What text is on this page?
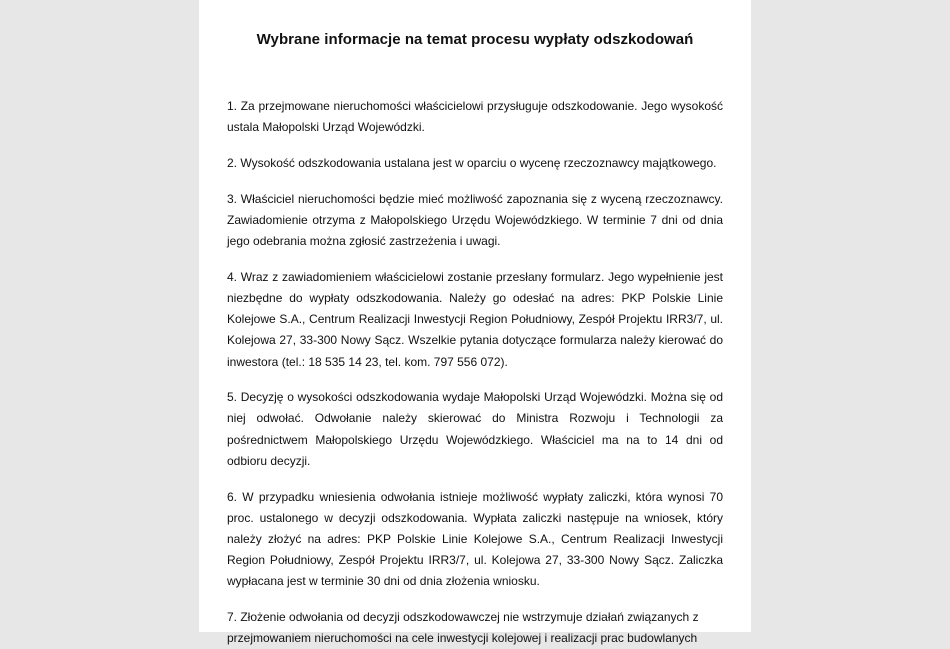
Wybrane informacje na temat procesu wypłaty odszkodowań

1. Za przejmowane nieruchomości właścicielowi przysługuje odszkodowanie. Jego wysokość ustala Małopolski Urząd Wojewódzki.

2. Wysokość odszkodowania ustalana jest w oparciu o wycenę rzeczoznawcy majątkowego.

3. Właściciel nieruchomości będzie mieć możliwość zapoznania się z wyceną rzeczoznawcy. Zawiadomienie otrzyma z Małopolskiego Urzędu Wojewódzkiego. W terminie 7 dni od dnia jego odebrania można zgłosić zastrzeżenia i uwagi.

4. Wraz z zawiadomieniem właścicielowi zostanie przesłany formularz. Jego wypełnienie jest niezbędne do wypłaty odszkodowania. Należy go odesłać na adres: PKP Polskie Linie Kolejowe S.A., Centrum Realizacji Inwestycji Region Południowy, Zespół Projektu IRR3/7, ul. Kolejowa 27, 33-300 Nowy Sącz. Wszelkie pytania dotyczące formularza należy kierować do inwestora (tel.: 18 535 14 23, tel. kom. 797 556 072).

5. Decyzję o wysokości odszkodowania wydaje Małopolski Urząd Wojewódzki. Można się od niej odwołać. Odwołanie należy skierować do Ministra Rozwoju i Technologii za pośrednictwem Małopolskiego Urzędu Wojewódzkiego. Właściciel ma na to 14 dni od odbioru decyzji.

6. W przypadku wniesienia odwołania istnieje możliwość wypłaty zaliczki, która wynosi 70 proc. ustalonego w decyzji odszkodowania. Wypłata zaliczki następuje na wniosek, który należy złożyć na adres: PKP Polskie Linie Kolejowe S.A., Centrum Realizacji Inwestycji Region Południowy, Zespół Projektu IRR3/7, ul. Kolejowa 27, 33-300 Nowy Sącz. Zaliczka wypłacana jest w terminie 30 dni od dnia złożenia wniosku.

7. Złożenie odwołania od decyzji odszkodowawczej nie wstrzymuje działań związanych z przejmowaniem nieruchomości na cele inwestycji kolejowej i realizacji prac budowlanych
